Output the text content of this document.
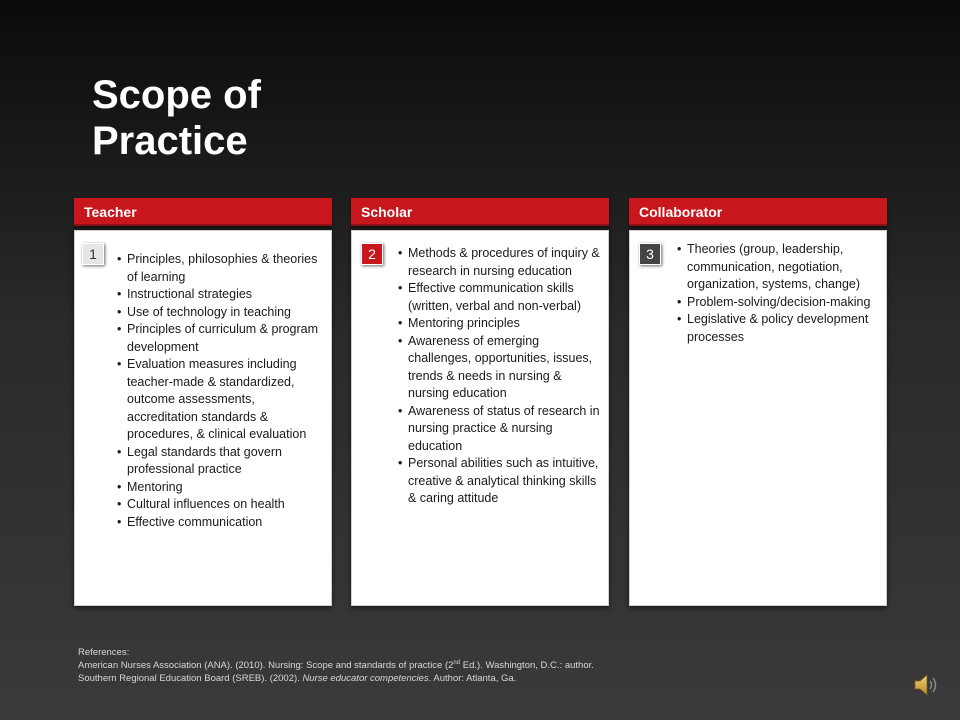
Scope of Practice
Teacher
1	• Principles, philosophies & theories of learning
• Instructional strategies
• Use of technology in teaching
• Principles of curriculum & program development
• Evaluation measures including teacher-made & standardized, outcome assessments, accreditation standards & procedures, & clinical evaluation
• Legal standards that govern professional practice
• Mentoring
• Cultural influences on health
• Effective communication
Scholar
2	• Methods & procedures of inquiry & research in nursing education
• Effective communication skills (written, verbal and non-verbal)
• Mentoring principles
• Awareness of emerging challenges, opportunities, issues, trends & needs in nursing & nursing education
• Awareness of status of research in nursing practice & nursing education
• Personal abilities such as intuitive, creative & analytical thinking skills & caring attitude
Collaborator
3	• Theories (group, leadership, communication, negotiation, organization, systems, change)
• Problem-solving/decision-making
• Legislative & policy development processes
References:
American Nurses Association (ANA). (2010). Nursing: Scope and standards of practice (2nd Ed.). Washington, D.C.: author.
Southern Regional Education Board (SREB). (2002). Nurse educator competencies. Author: Atlanta, Ga.
